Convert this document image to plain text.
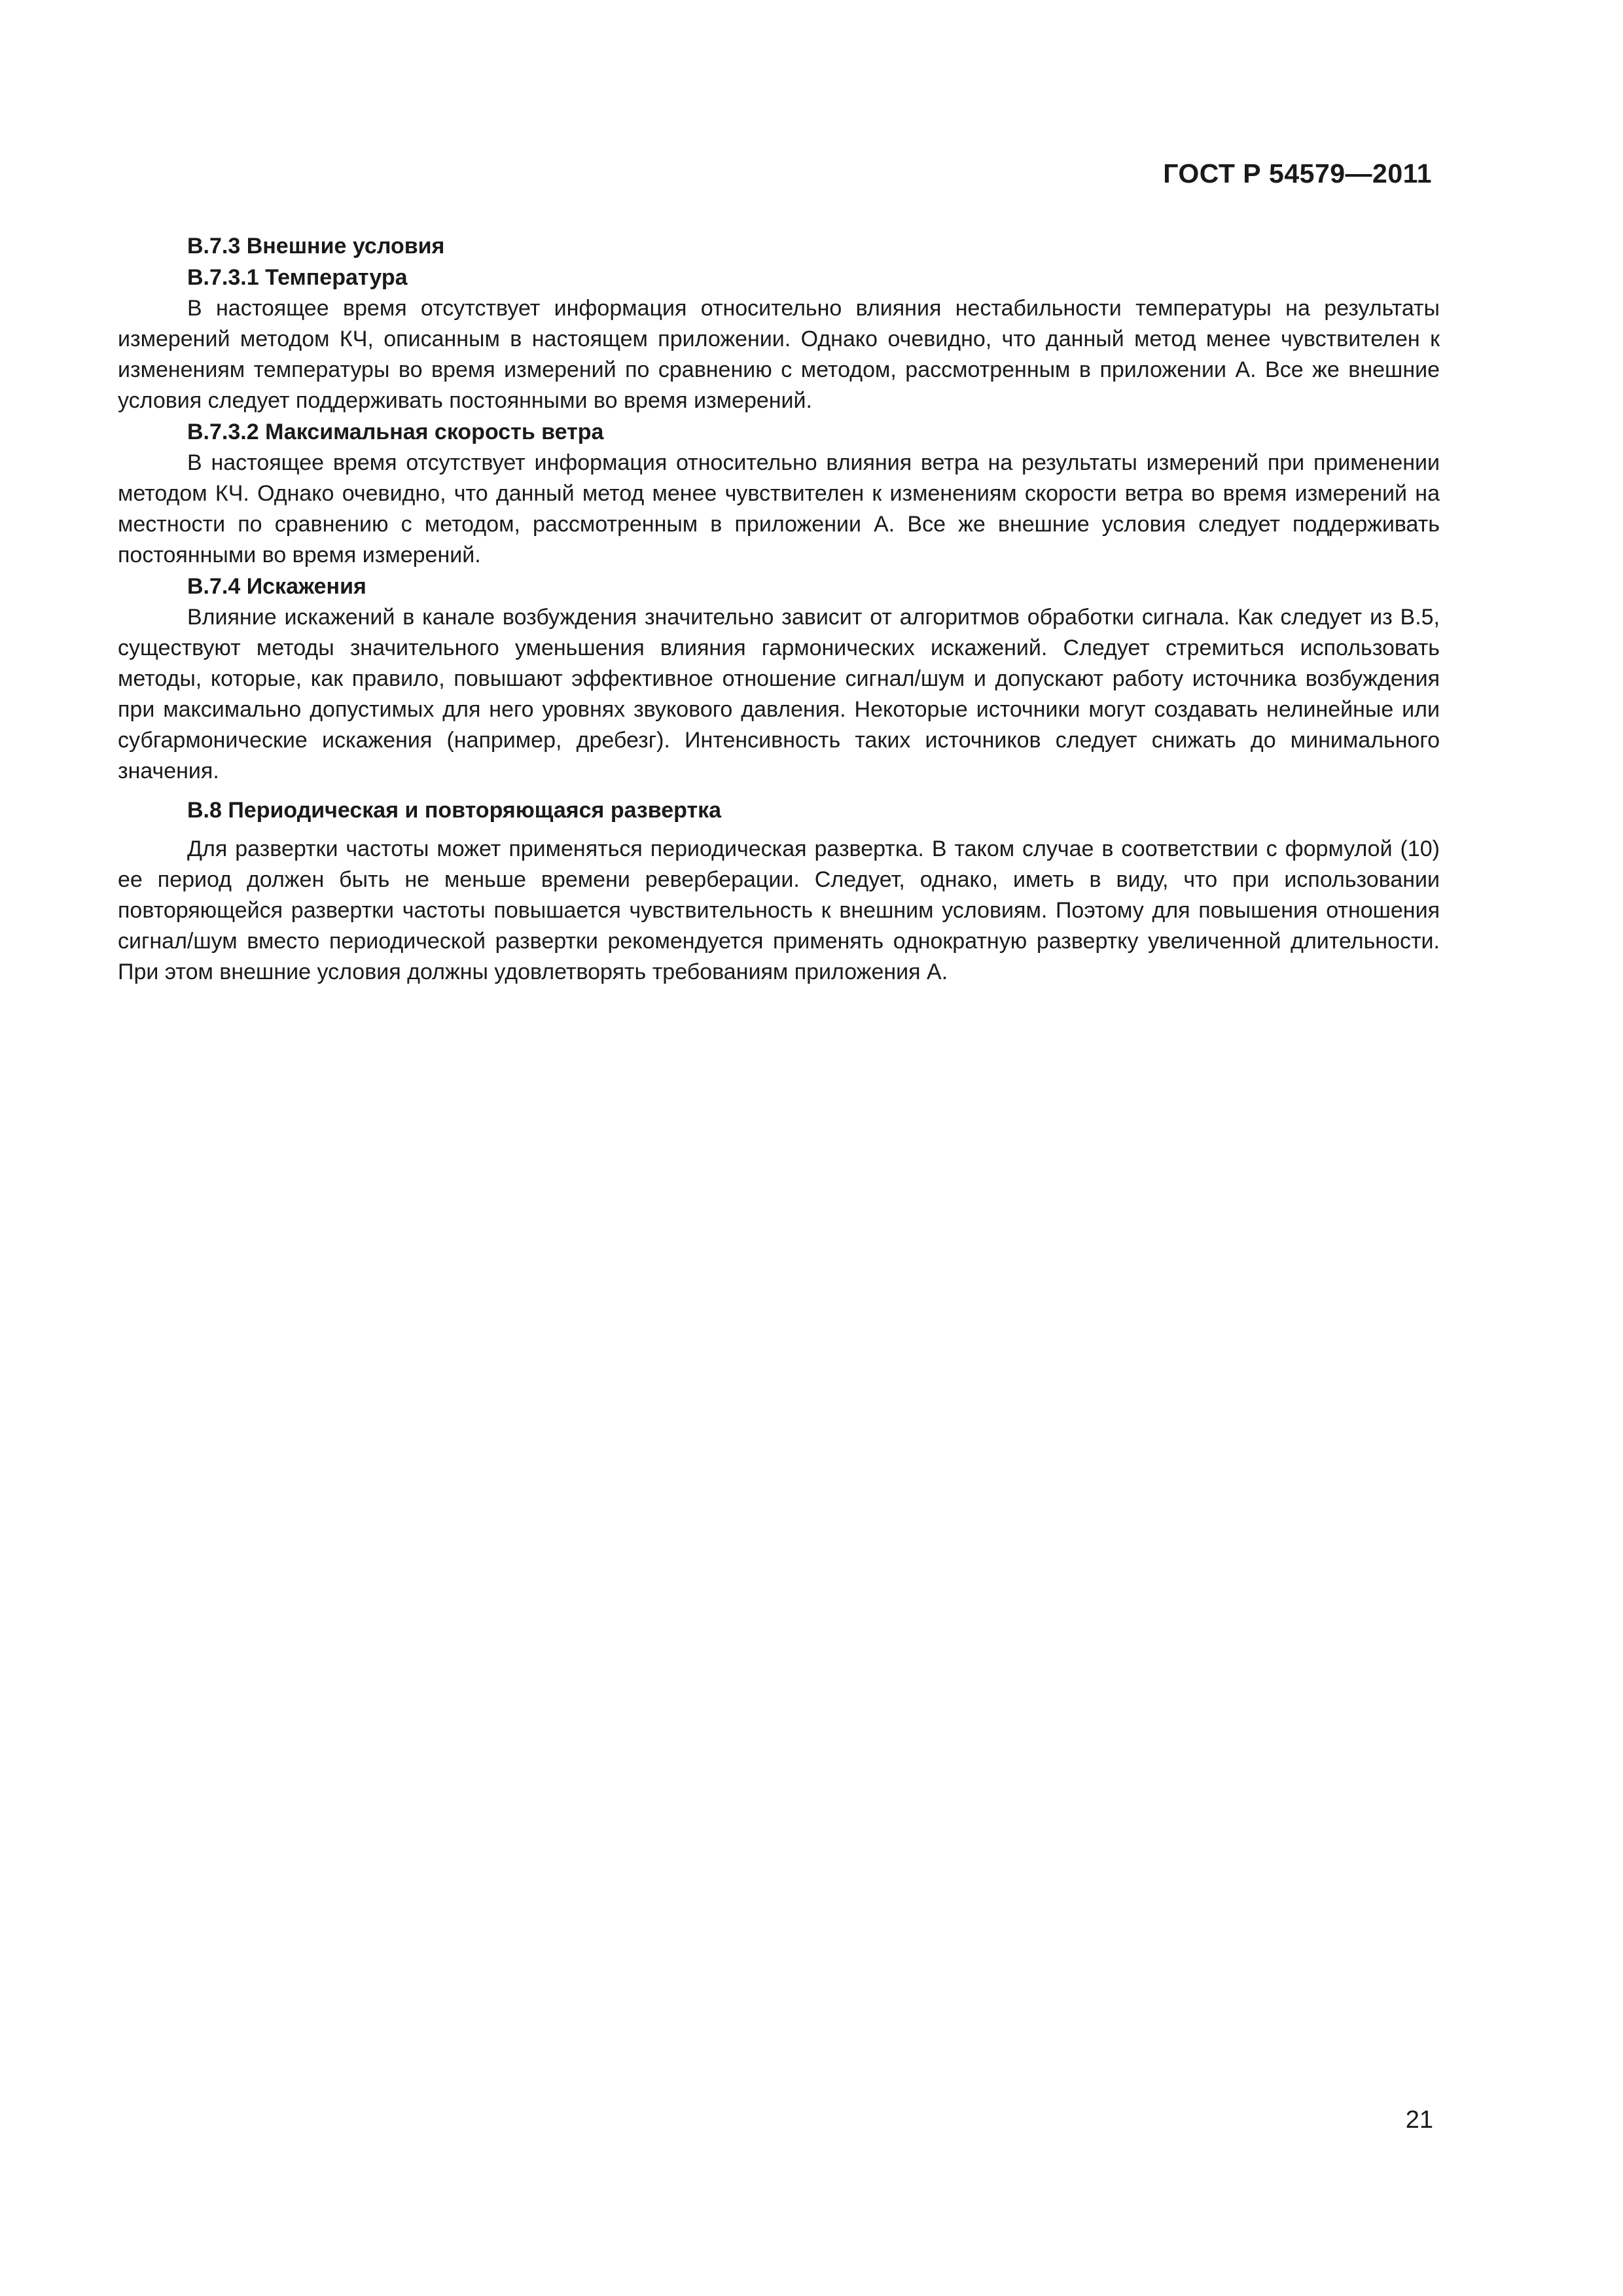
ГОСТ Р 54579—2011

В.7.3 Внешние условия

В.7.3.1 Температура

В настоящее время отсутствует информация относительно влияния нестабильности температуры на результаты измерений методом КЧ, описанным в настоящем приложении. Однако очевидно, что данный метод менее чувствителен к изменениям температуры во время измерений по сравнению с методом, рассмотренным в приложении А. Все же внешние условия следует поддерживать постоянными во время измерений.

В.7.3.2 Максимальная скорость ветра

В настоящее время отсутствует информация относительно влияния ветра на результаты измерений при применении методом КЧ. Однако очевидно, что данный метод менее чувствителен к изменениям скорости ветра во время измерений на местности по сравнению с методом, рассмотренным в приложении А. Все же внешние условия следует поддерживать постоянными во время измерений.

В.7.4 Искажения

Влияние искажений в канале возбуждения значительно зависит от алгоритмов обработки сигнала. Как следует из В.5, существуют методы значительного уменьшения влияния гармонических искажений. Следует стремиться использовать методы, которые, как правило, повышают эффективное отношение сигнал/шум и допускают работу источника возбуждения при максимально допустимых для него уровнях звукового давления. Некоторые источники могут создавать нелинейные или субгармонические искажения (например, дребезг). Интенсивность таких источников следует снижать до минимального значения.

В.8 Периодическая и повторяющаяся развертка

Для развертки частоты может применяться периодическая развертка. В таком случае в соответствии с формулой (10) ее период должен быть не меньше времени реверберации. Следует, однако, иметь в виду, что при использовании повторяющейся развертки частоты повышается чувствительность к внешним условиям. Поэтому для повышения отношения сигнал/шум вместо периодической развертки рекомендуется применять однократную развертку увеличенной длительности. При этом внешние условия должны удовлетворять требованиям приложения А.

21
